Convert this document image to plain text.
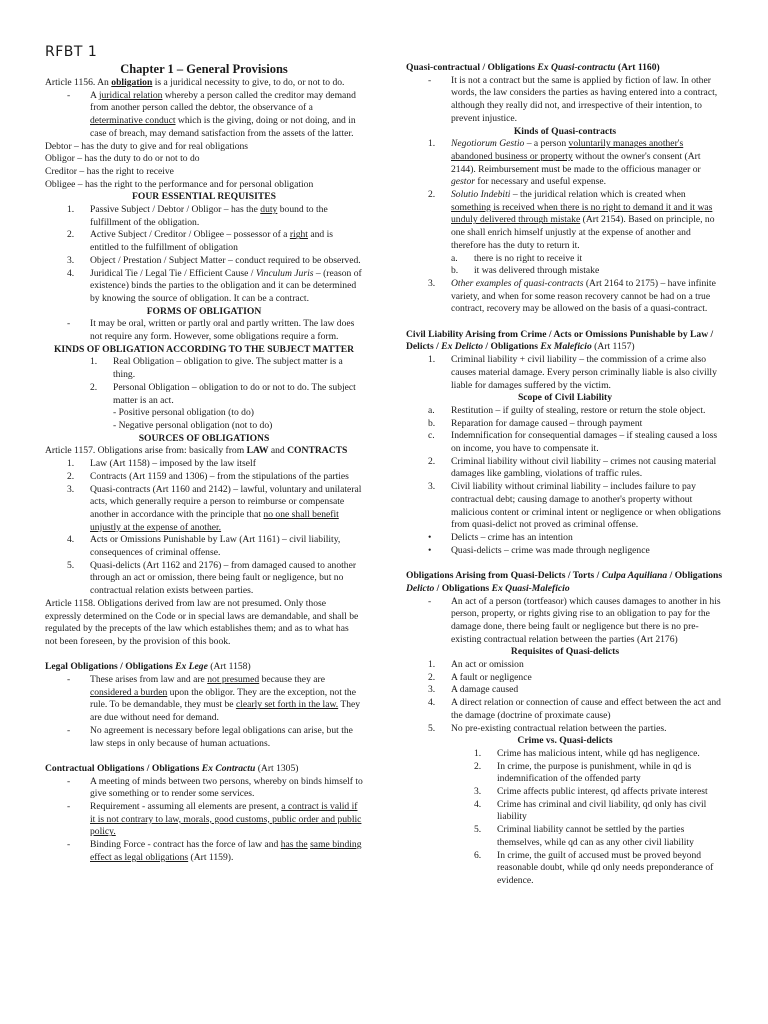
RFBT 1
Chapter 1 – General Provisions

Article 1156. An obligation is a juridical necessity to give, to do, or not to do.

- A juridical relation whereby a person called the creditor may demand from another person called the debtor, the observance of a determinative conduct which is the giving, doing or not doing, and in case of breach, may demand satisfaction from the assets of the latter.

Debtor – has the duty to give and for real obligations

Obligor – has the duty to do or not to do

Creditor – has the right to receive

Obligee – has the right to the performance and for personal obligation

FOUR ESSENTIAL REQUISITES

1. Passive Subject / Debtor / Obligor – has the duty bound to the fulfillment of the obligation.
2. Active Subject / Creditor / Obligee – possessor of a right and is entitled to the fulfillment of obligation
3. Object / Prestation / Subject Matter – conduct required to be observed.
4. Juridical Tie / Legal Tie / Efficient Cause / Vinculum Juris – (reason of existence) binds the parties to the obligation and it can be determined by knowing the source of obligation. It can be a contract.

FORMS OF OBLIGATION

- It may be oral, written or partly oral and partly written. The law does not require any form. However, some obligations require a form.

KINDS OF OBLIGATION ACCORDING TO THE SUBJECT MATTER

1. Real Obligation – obligation to give. The subject matter is a thing.
2. Personal Obligation – obligation to do or not to do. The subject matter is an act.
- Positive personal obligation (to do)
- Negative personal obligation (not to do)

SOURCES OF OBLIGATIONS

Article 1157. Obligations arise from: basically from LAW and CONTRACTS

1. Law (Art 1158) – imposed by the law itself
2. Contracts (Art 1159 and 1306) – from the stipulations of the parties
3. Quasi-contracts (Art 1160 and 2142) – lawful, voluntary and unilateral acts, which generally require a person to reimburse or compensate another in accordance with the principle that no one shall benefit unjustly at the expense of another.
4. Acts or Omissions Punishable by Law (Art 1161) – civil liability, consequences of criminal offense.
5. Quasi-delicts (Art 1162 and 2176) – from damaged caused to another through an act or omission, there being fault or negligence, but no contractual relation exists between parties.

Article 1158. Obligations derived from law are not presumed. Only those expressly determined on the Code or in special laws are demandable, and shall be regulated by the precepts of the law which establishes them; and as to what has not been foreseen, by the provision of this book.

Legal Obligations / Obligations Ex Lege (Art 1158)

- These arises from law and are not presumed because they are considered a burden upon the obligor. They are the exception, not the rule. To be demandable, they must be clearly set forth in the law. They are due without need for demand.
- No agreement is necessary before legal obligations can arise, but the law steps in only because of human actuations.

Contractual Obligations / Obligations Ex Contractu (Art 1305)

- A meeting of minds between two persons, whereby on binds himself to give something or to render some services.
- Requirement - assuming all elements are present, a contract is valid if it is not contrary to law, morals, good customs, public order and public policy.
- Binding Force - contract has the force of law and has the same binding effect as legal obligations (Art 1159).

Quasi-contractual / Obligations Ex Quasi-contractu (Art 1160)

- It is not a contract but the same is applied by fiction of law. In other words, the law considers the parties as having entered into a contract, although they really did not, and irrespective of their intention, to prevent injustice.

Kinds of Quasi-contracts

1. Negotiorum Gestio – a person voluntarily manages another's abandoned business or property without the owner's consent (Art 2144). Reimbursement must be made to the officious manager or gestor for necessary and useful expense.
2. Solutio Indebiti – the juridical relation which is created when something is received when there is no right to demand it and it was unduly delivered through mistake (Art 2154). Based on principle, no one shall enrich himself unjustly at the expense of another and therefore has the duty to return it.
a. there is no right to receive it
b. it was delivered through mistake
3. Other examples of quasi-contracts (Art 2164 to 2175) – have infinite variety, and when for some reason recovery cannot be had on a true contract, recovery may be allowed on the basis of a quasi-contract.

Civil Liability Arising from Crime / Acts or Omissions Punishable by Law / Delicts / Ex Delicto / Obligations Ex Maleficio (Art 1157)

1. Criminal liability + civil liability – the commission of a crime also causes material damage. Every person criminally liable is also civilly liable for damages suffered by the victim.

Scope of Civil Liability

a. Restitution – if guilty of stealing, restore or return the stole object.
b. Reparation for damage caused – through payment
c. Indemnification for consequential damages – if stealing caused a loss on income, you have to compensate it.
2. Criminal liability without civil liability – crimes not causing material damages like gambling, violations of traffic rules.
3. Civil liability without criminal liability – includes failure to pay contractual debt; causing damage to another's property without malicious content or criminal intent or negligence or when obligations from quasi-delict not proved as criminal offense.
• Delicts – crime has an intention
• Quasi-delicts – crime was made through negligence

Obligations Arising from Quasi-Delicts / Torts / Culpa Aquiliana / Obligations Delicto / Obligations Ex Quasi-Maleficio

- An act of a person (tortfeasor) which causes damages to another in his person, property, or rights giving rise to an obligation to pay for the damage done, there being fault or negligence but there is no pre-existing contractual relation between the parties (Art 2176)

Requisites of Quasi-delicts

1. An act or omission
2. A fault or negligence
3. A damage caused
4. A direct relation or connection of cause and effect between the act and the damage (doctrine of proximate cause)
5. No pre-existing contractual relation between the parties.

Crime vs. Quasi-delicts

1. Crime has malicious intent, while qd has negligence.
2. In crime, the purpose is punishment, while in qd is indemnification of the offended party
3. Crime affects public interest, qd affects private interest
4. Crime has criminal and civil liability, qd only has civil liability
5. Criminal liability cannot be settled by the parties themselves, while qd can as any other civil liability
6. In crime, the guilt of accused must be proved beyond reasonable doubt, while qd only needs preponderance of evidence.
